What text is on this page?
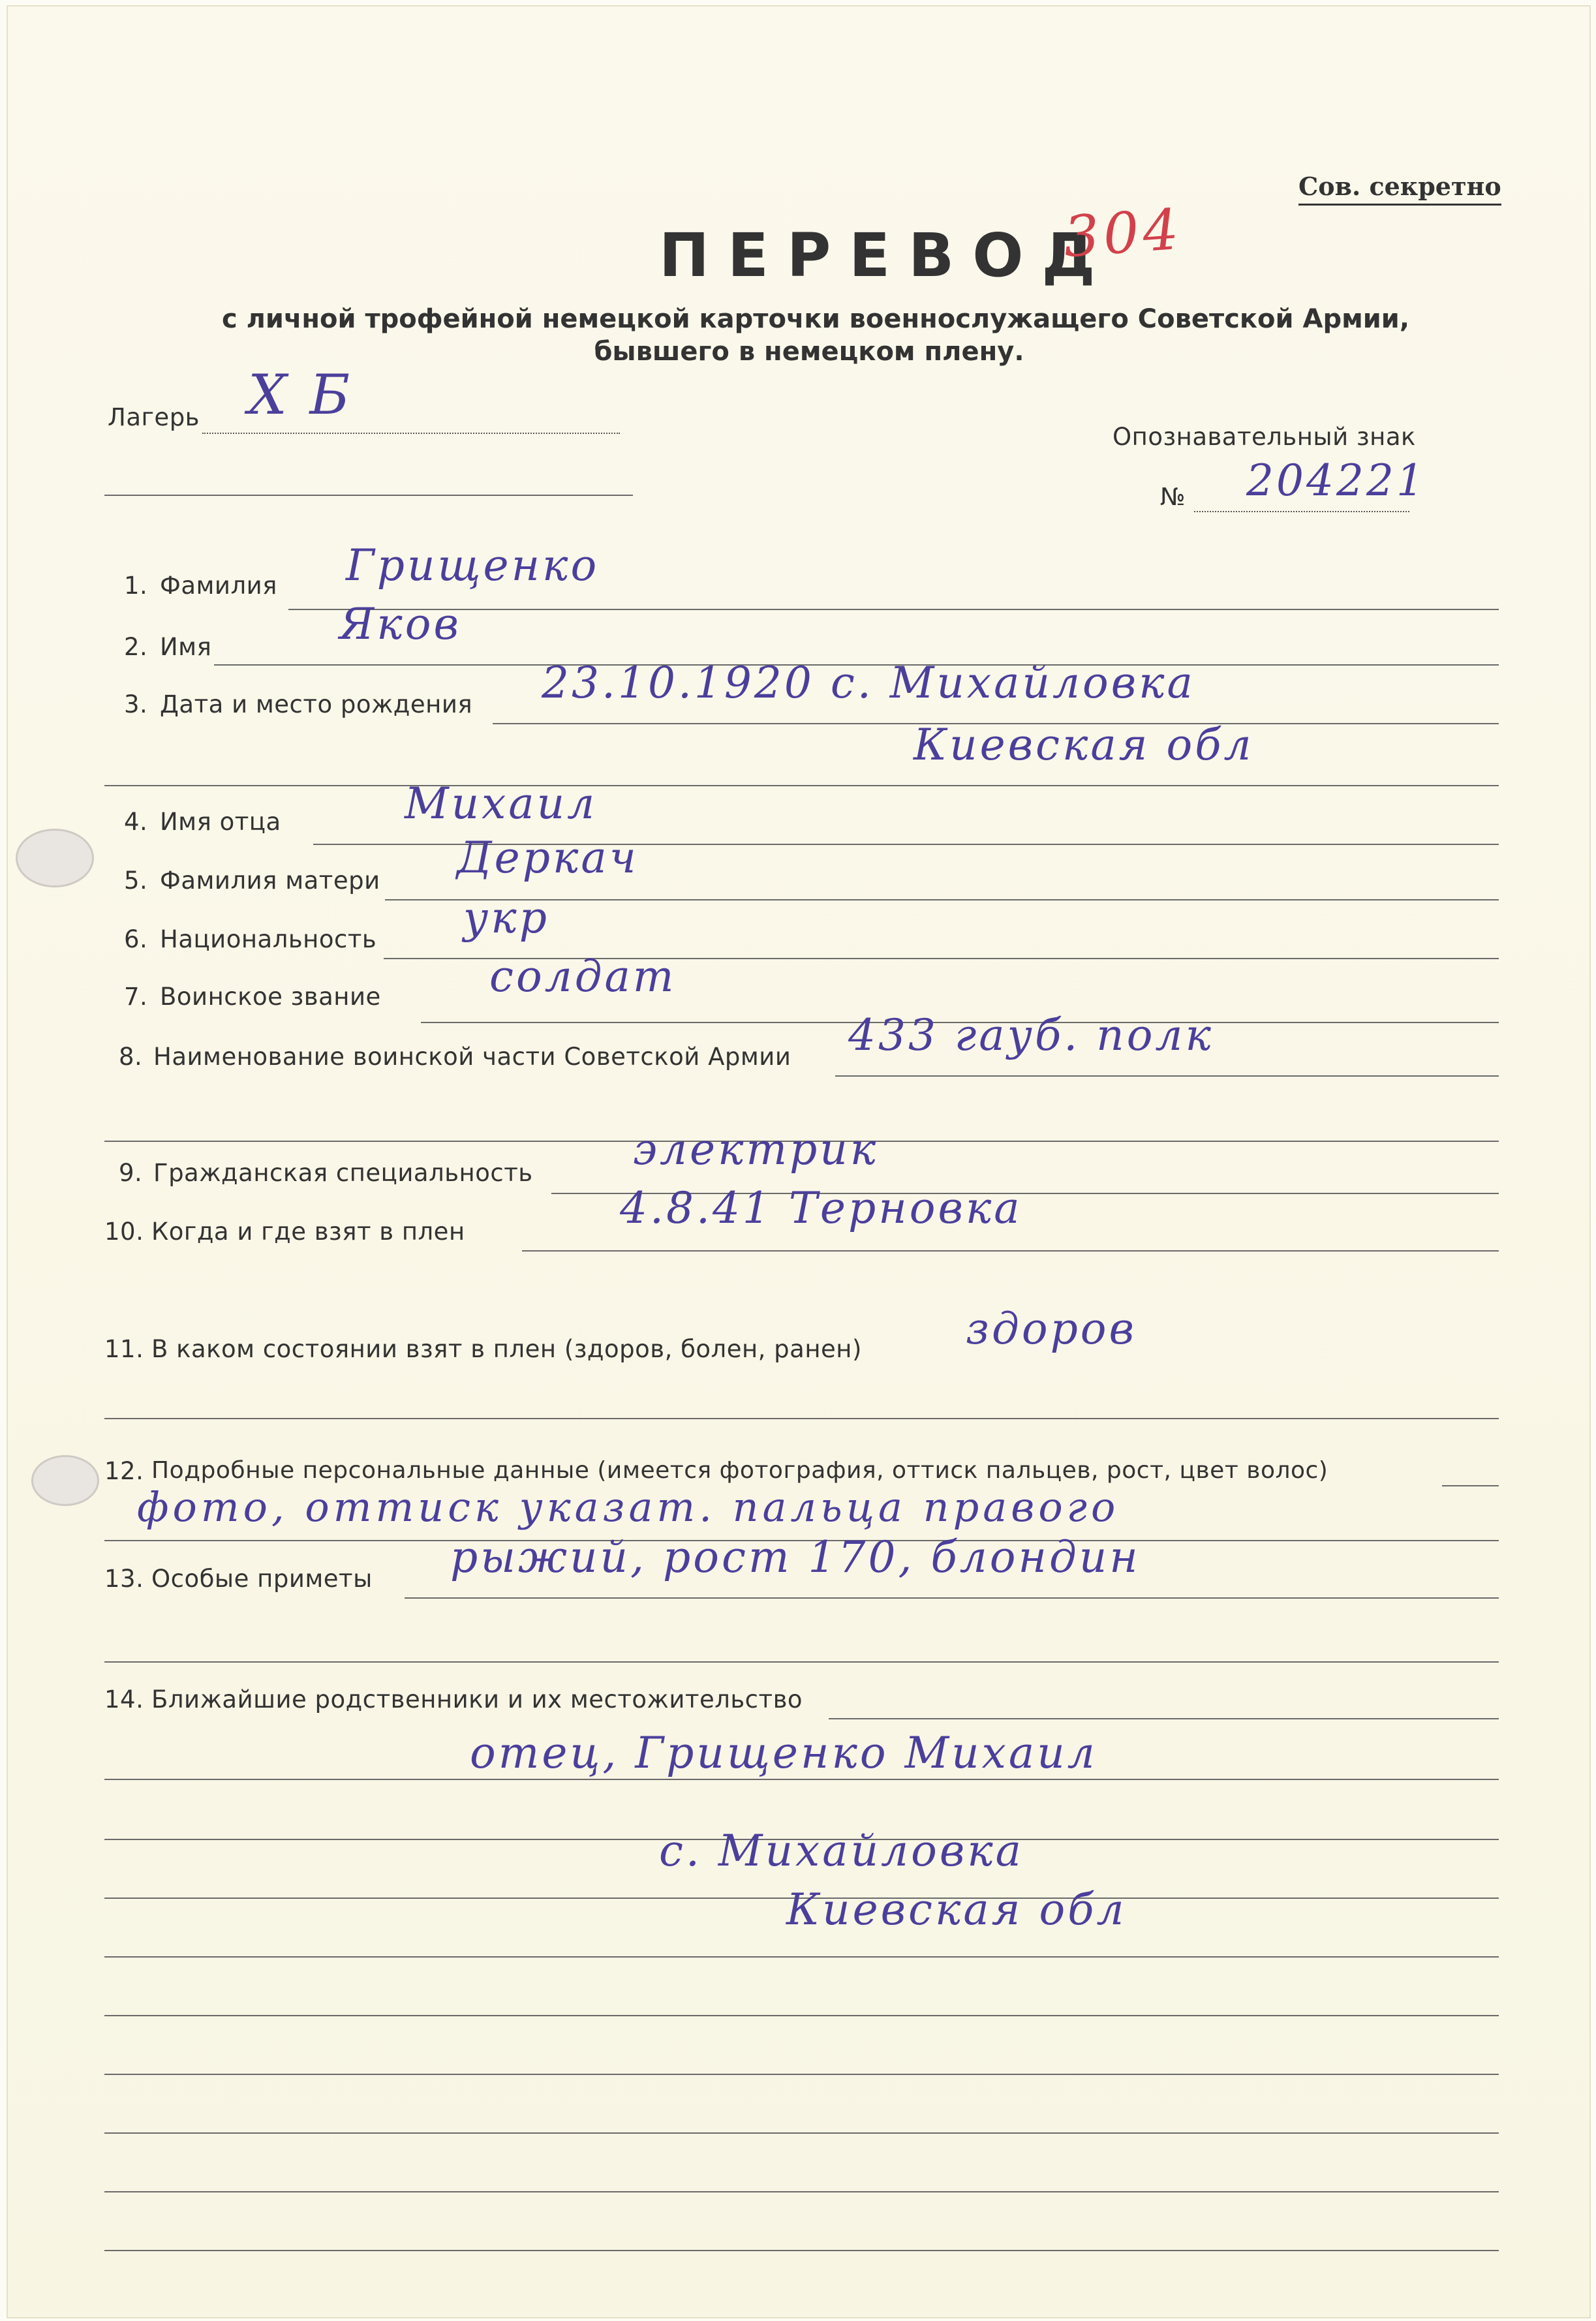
Сов. секретно
ПЕРЕВОД
304
с личной трофейной немецкой карточки военнослужащего Советской Армии,
бывшего в немецком плену.
Лагерь X Б
Опознавательный знак
№ 204221
1. Фамилия Грищенко
2. Имя	Яков
3. Дата и место рождения 23.10.1920 с. Михайловка
Киевская обл
4. Имя отца	Михаил
5. Фамилия матери Деркач
6. Национальность укр
7. Воинское звание	солдат
8. Наименование воинской части Советской Армии 433 гауб. полк
9. Гражданская специальность электрик
10. Когда и где взят в плен	4.8.41 Терновка
11. В каком состоянии взят в плен (здоров, болен, ранен) здоров
12. Подробные персональные данные (имеется фотография, оттиск пальцев, рост, цвет волос)
фото, оттиск указат. пальца правого
13. Особые приметы рыжий, рост 170, блондин
14. Ближайшие родственники и их местожительство
отец, Грищенко Михаил
с. Михайловка
Киевская обл
